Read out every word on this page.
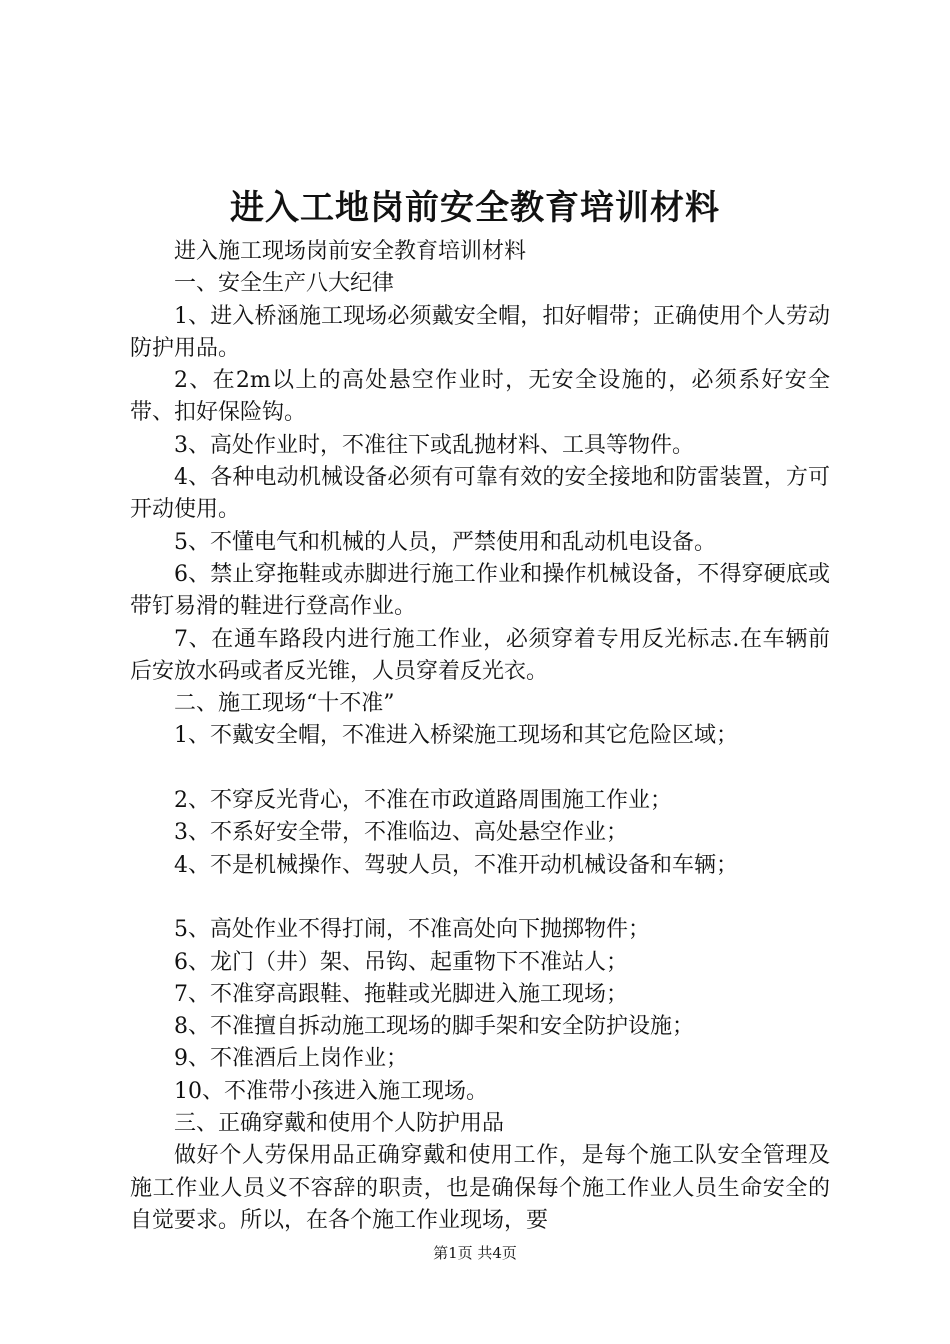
进入工地岗前安全教育培训材料

进入施工现场岗前安全教育培训材料

一、安全生产八大纪律

1、进入桥涵施工现场必须戴安全帽，扣好帽带；正确使用个人劳动防护用品。

2、在2m以上的高处悬空作业时，无安全设施的，必须系好安全带、扣好保险钩。

3、高处作业时，不准往下或乱抛材料、工具等物件。

4、各种电动机械设备必须有可靠有效的安全接地和防雷装置，方可开动使用。

5、不懂电气和机械的人员，严禁使用和乱动机电设备。

6、禁止穿拖鞋或赤脚进行施工作业和操作机械设备，不得穿硬底或带钉易滑的鞋进行登高作业。

7、在通车路段内进行施工作业，必须穿着专用反光标志.在车辆前后安放水码或者反光锥，人员穿着反光衣。

二、施工现场“十不准”

1、不戴安全帽，不准进入桥梁施工现场和其它危险区域；

2、不穿反光背心，不准在市政道路周围施工作业；

3、不系好安全带，不准临边、高处悬空作业；

4、不是机械操作、驾驶人员，不准开动机械设备和车辆；

5、高处作业不得打闹，不准高处向下抛掷物件；

6、龙门（井）架、吊钩、起重物下不准站人；

7、不准穿高跟鞋、拖鞋或光脚进入施工现场；

8、不准擅自拆动施工现场的脚手架和安全防护设施；

9、不准酒后上岗作业；

10、不准带小孩进入施工现场。

三、正确穿戴和使用个人防护用品

做好个人劳保用品正确穿戴和使用工作，是每个施工队安全管理及施工作业人员义不容辞的职责，也是确保每个施工作业人员生命安全的自觉要求。所以，在各个施工作业现场，要

第1页 共4页
